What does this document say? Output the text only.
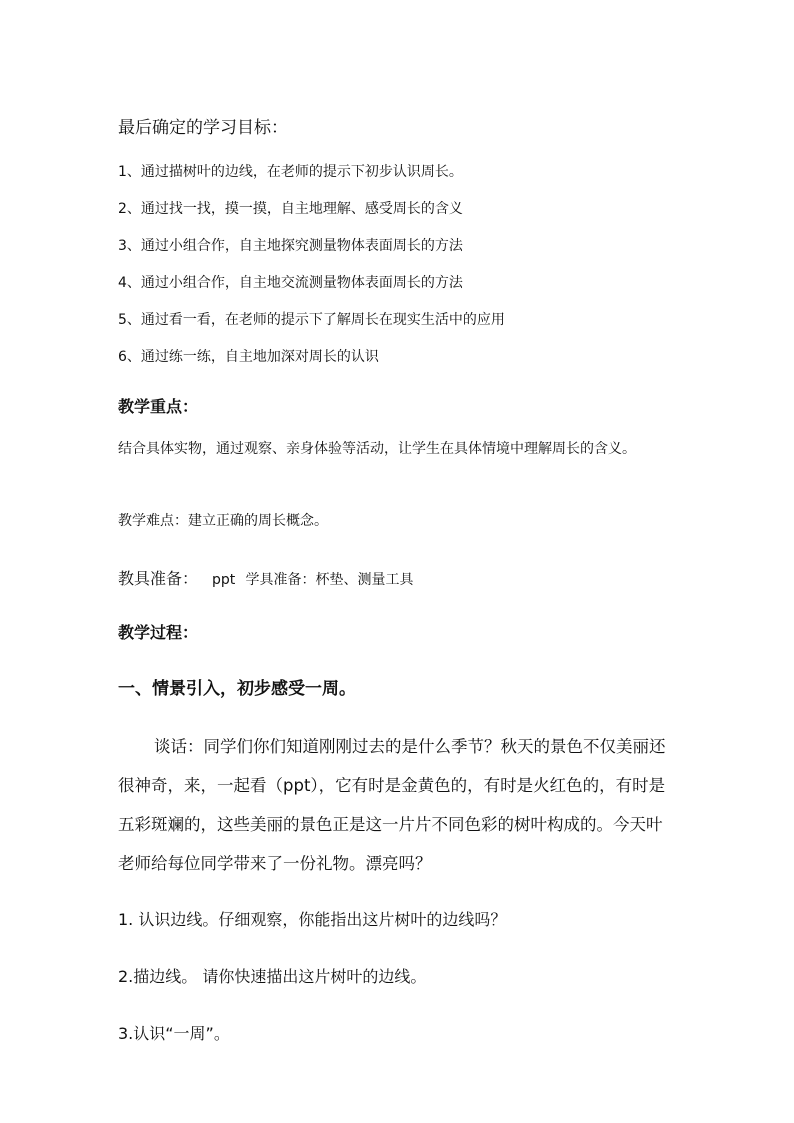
最后确定的学习目标：
1、通过描树叶的边线，在老师的提示下初步认识周长。
2、通过找一找，摸一摸，自主地理解、感受周长的含义
3、通过小组合作，自主地探究测量物体表面周长的方法
4、通过小组合作，自主地交流测量物体表面周长的方法
5、通过看一看，在老师的提示下了解周长在现实生活中的应用
6、通过练一练，自主地加深对周长的认识
教学重点：
结合具体实物，通过观察、亲身体验等活动，让学生在具体情境中理解周长的含义。
教学难点：建立正确的周长概念。
教具准备： ppt 学具准备：杯垫、测量工具
教学过程：
一、情景引入，初步感受一周。
谈话：同学们你们知道刚刚过去的是什么季节？秋天的景色不仅美丽还很神奇，来，一起看（ppt），它有时是金黄色的，有时是火红色的，有时是五彩斑斓的，这些美丽的景色正是这一片片不同色彩的树叶构成的。今天叶老师给每位同学带来了一份礼物。漂亮吗？
1. 认识边线。仔细观察，你能指出这片树叶的边线吗？
2.描边线。 请你快速描出这片树叶的边线。
3.认识“一周”。
